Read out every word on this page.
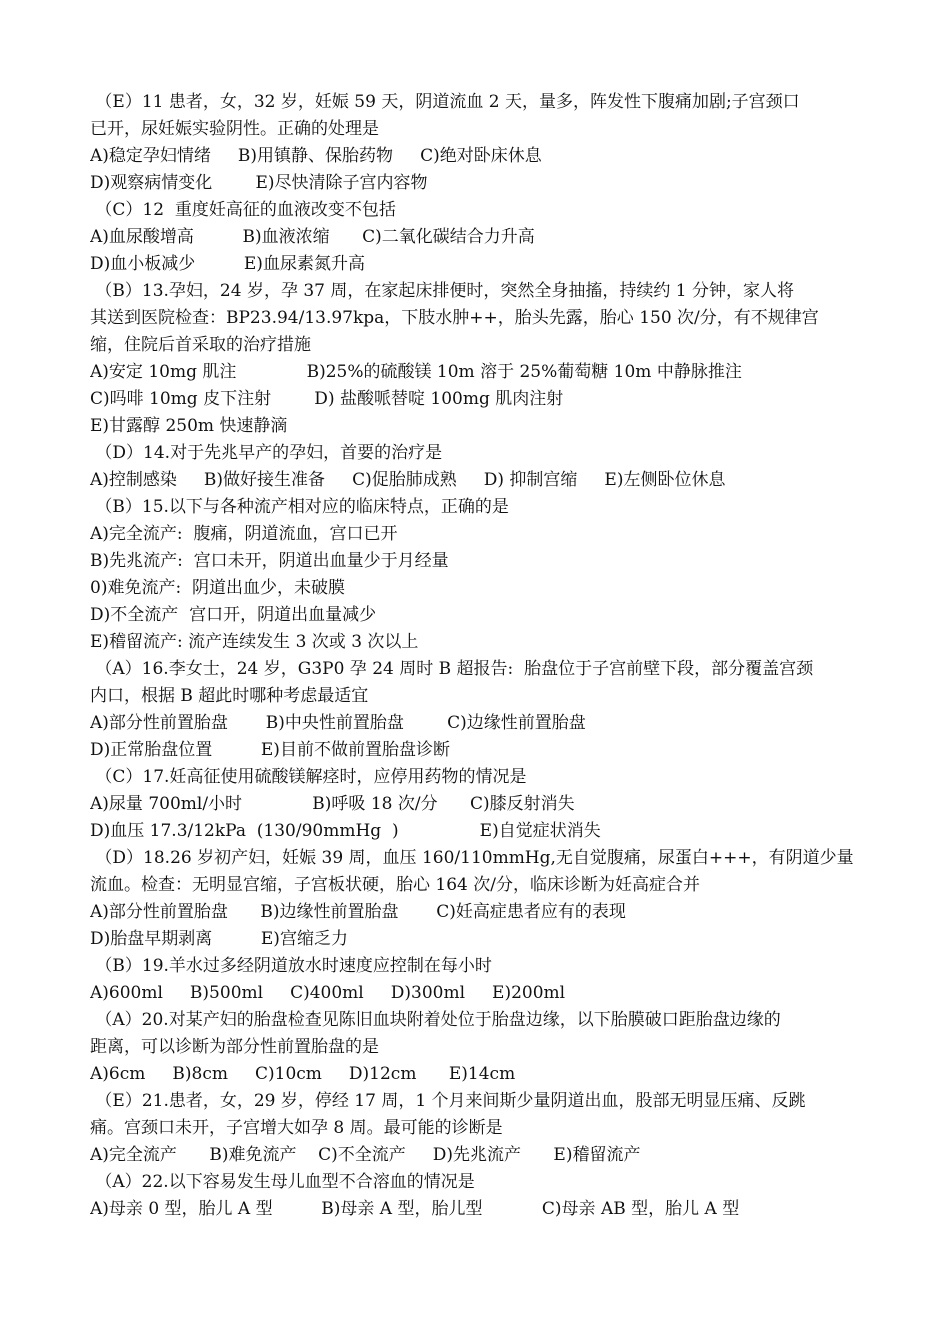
（E）11 患者，女，32 岁，妊娠 59 天，阴道流血 2 天，量多，阵发性下腹痛加剧;子宫颈口
已开，尿妊娠实验阴性。正确的处理是
A)稳定孕妇情绪     B)用镇静、保胎药物     C)绝对卧床休息
D)观察病情变化        E)尽快清除子宫内容物
（C）12  重度妊高征的血液改变不包括
A)血尿酸增高         B)血液浓缩      C)二氧化碳结合力升高
D)血小板减少         E)血尿素氮升高
（B）13.孕妇，24 岁，孕 37 周，在家起床排便时，突然全身抽搐，持续约 1 分钟，家人将
其送到医院检查：BP23.94/13.97kpa，下肢水肿++，胎头先露，胎心 150 次/分，有不规律宫
缩，住院后首采取的治疗措施
A)安定 10mg 肌注             B)25%的硫酸镁 10m 溶于 25%葡萄糖 10m 中静脉推注
C)吗啡 10mg 皮下注射        D) 盐酸哌替啶 100mg 肌肉注射
E)甘露醇 250m 快速静滴
（D）14.对于先兆早产的孕妇，首要的治疗是
A)控制感染     B)做好接生准备     C)促胎肺成熟     D) 抑制宫缩     E)左侧卧位休息
（B）15.以下与各种流产相对应的临床特点，正确的是
A)完全流产:  腹痛，阴道流血，宫口已开
B)先兆流产:  宫口未开，阴道出血量少于月经量
0)难免流产:  阴道出血少，未破膜
D)不全流产  宫口开，阴道出血量减少
E)稽留流产: 流产连续发生 3 次或 3 次以上
（A）16.李女士，24 岁，G3P0 孕 24 周时 B 超报告:  胎盘位于子宫前壁下段，部分覆盖宫颈
内口，根据 B 超此时哪种考虑最适宜
A)部分性前置胎盘       B)中央性前置胎盘        C)边缘性前置胎盘
D)正常胎盘位置         E)目前不做前置胎盘诊断
（C）17.妊高征使用硫酸镁解痉时，应停用药物的情况是
A)尿量 700ml/小时             B)呼吸 18 次/分      C)膝反射消失
D)血压 17.3/12kPa  (130/90mmHg  )               E)自觉症状消失
（D）18.26 岁初产妇，妊娠 39 周，血压 160/110mmHg,无自觉腹痛，尿蛋白+++，有阴道少量
流血。检查：无明显宫缩，子宫板状硬，胎心 164 次/分，临床诊断为妊高症合并
A)部分性前置胎盘      B)边缘性前置胎盘       C)妊高症患者应有的表现
D)胎盘早期剥离         E)宫缩乏力
（B）19.羊水过多经阴道放水时速度应控制在每小时
A)600ml     B)500ml     C)400ml     D)300ml     E)200ml
（A）20.对某产妇的胎盘检查见陈旧血块附着处位于胎盘边缘，以下胎膜破口距胎盘边缘的
距离，可以诊断为部分性前置胎盘的是
A)6cm     B)8cm     C)10cm     D)12cm      E)14cm
（E）21.患者，女，29 岁，停经 17 周，1 个月来间斯少量阴道出血，股部无明显压痛、反跳
痛。宫颈口未开，子宫增大如孕 8 周。最可能的诊断是
A)完全流产      B)难免流产    C)不全流产     D)先兆流产      E)稽留流产
（A）22.以下容易发生母儿血型不合溶血的情况是
A)母亲 0 型，胎儿 A 型         B)母亲 A 型，胎儿型           C)母亲 AB 型，胎儿 A 型
